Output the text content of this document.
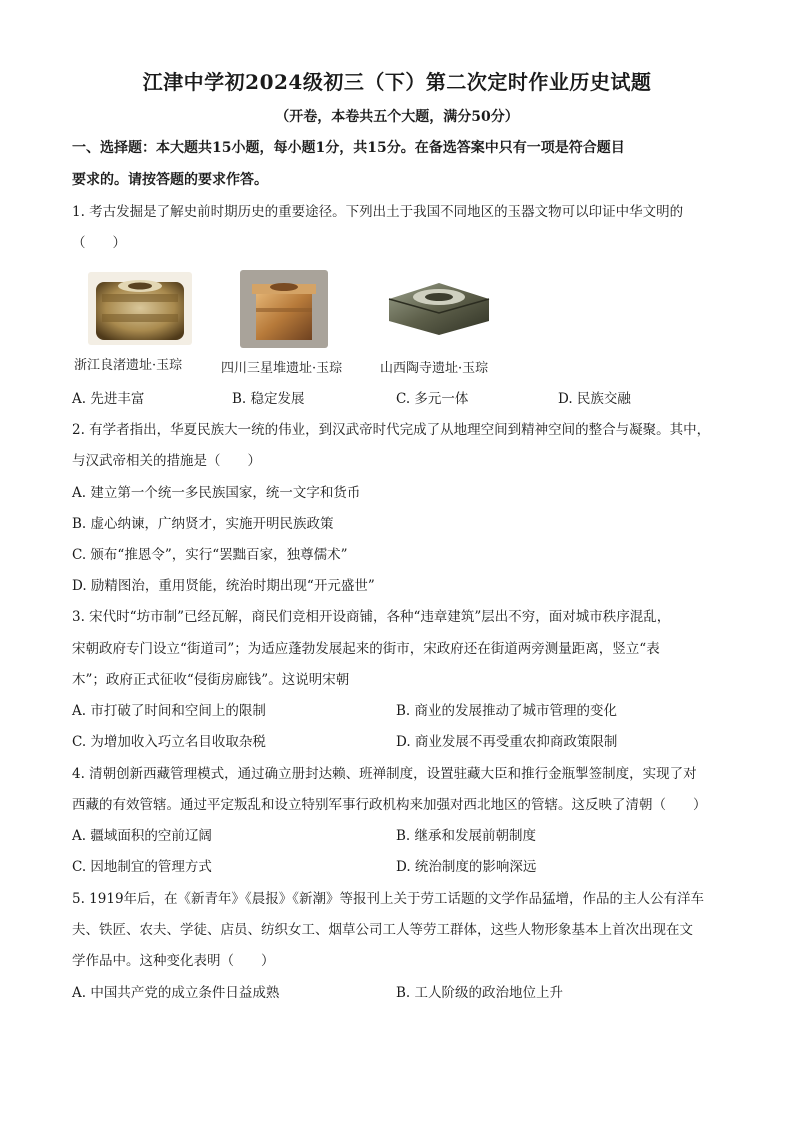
江津中学初2024级初三（下）第二次定时作业历史试题
（开卷，本卷共五个大题，满分50分）
一、选择题：本大题共15小题，每小题1分，共15分。在备选答案中只有一项是符合题目
要求的。请按答题的要求作答。
1. 考古发掘是了解史前时期历史的重要途径。下列出土于我国不同地区的玉器文物可以印证中华文明的
（　　）
浙江良渚遗址·玉琮	四川三星堆遗址·玉琮	山西陶寺遗址·玉琮
A. 先进丰富	B. 稳定发展	C. 多元一体	D. 民族交融
2. 有学者指出，华夏民族大一统的伟业，到汉武帝时代完成了从地理空间到精神空间的整合与凝聚。其中，
与汉武帝相关的措施是（　　）
A. 建立第一个统一多民族国家，统一文字和货币
B. 虚心纳谏，广纳贤才，实施开明民族政策
C. 颁布“推恩令”，实行“罢黜百家，独尊儒术”
D. 励精图治，重用贤能，统治时期出现“开元盛世”
3. 宋代时“坊市制”已经瓦解，商民们竞相开设商铺，各种“违章建筑”层出不穷，面对城市秩序混乱，
宋朝政府专门设立“街道司”；为适应蓬勃发展起来的街市，宋政府还在街道两旁测量距离，竖立“表
木”；政府正式征收“侵街房廊钱”。这说明宋朝
A. 市打破了时间和空间上的限制	B. 商业的发展推动了城市管理的变化
C. 为增加收入巧立名目收取杂税	D. 商业发展不再受重农抑商政策限制
4. 清朝创新西藏管理模式，通过确立册封达赖、班禅制度，设置驻藏大臣和推行金瓶掣签制度，实现了对
西藏的有效管辖。通过平定叛乱和设立特别军事行政机构来加强对西北地区的管辖。这反映了清朝（　　）
A. 疆域面积的空前辽阔	B. 继承和发展前朝制度
C. 因地制宜的管理方式	D. 统治制度的影响深远
5. 1919年后，在《新青年》《晨报》《新潮》等报刊上关于劳工话题的文学作品猛增，作品的主人公有洋车
夫、铁匠、农夫、学徒、店员、纺织女工、烟草公司工人等劳工群体，这些人物形象基本上首次出现在文
学作品中。这种变化表明（　　）
A. 中国共产党的成立条件日益成熟	B. 工人阶级的政治地位上升
